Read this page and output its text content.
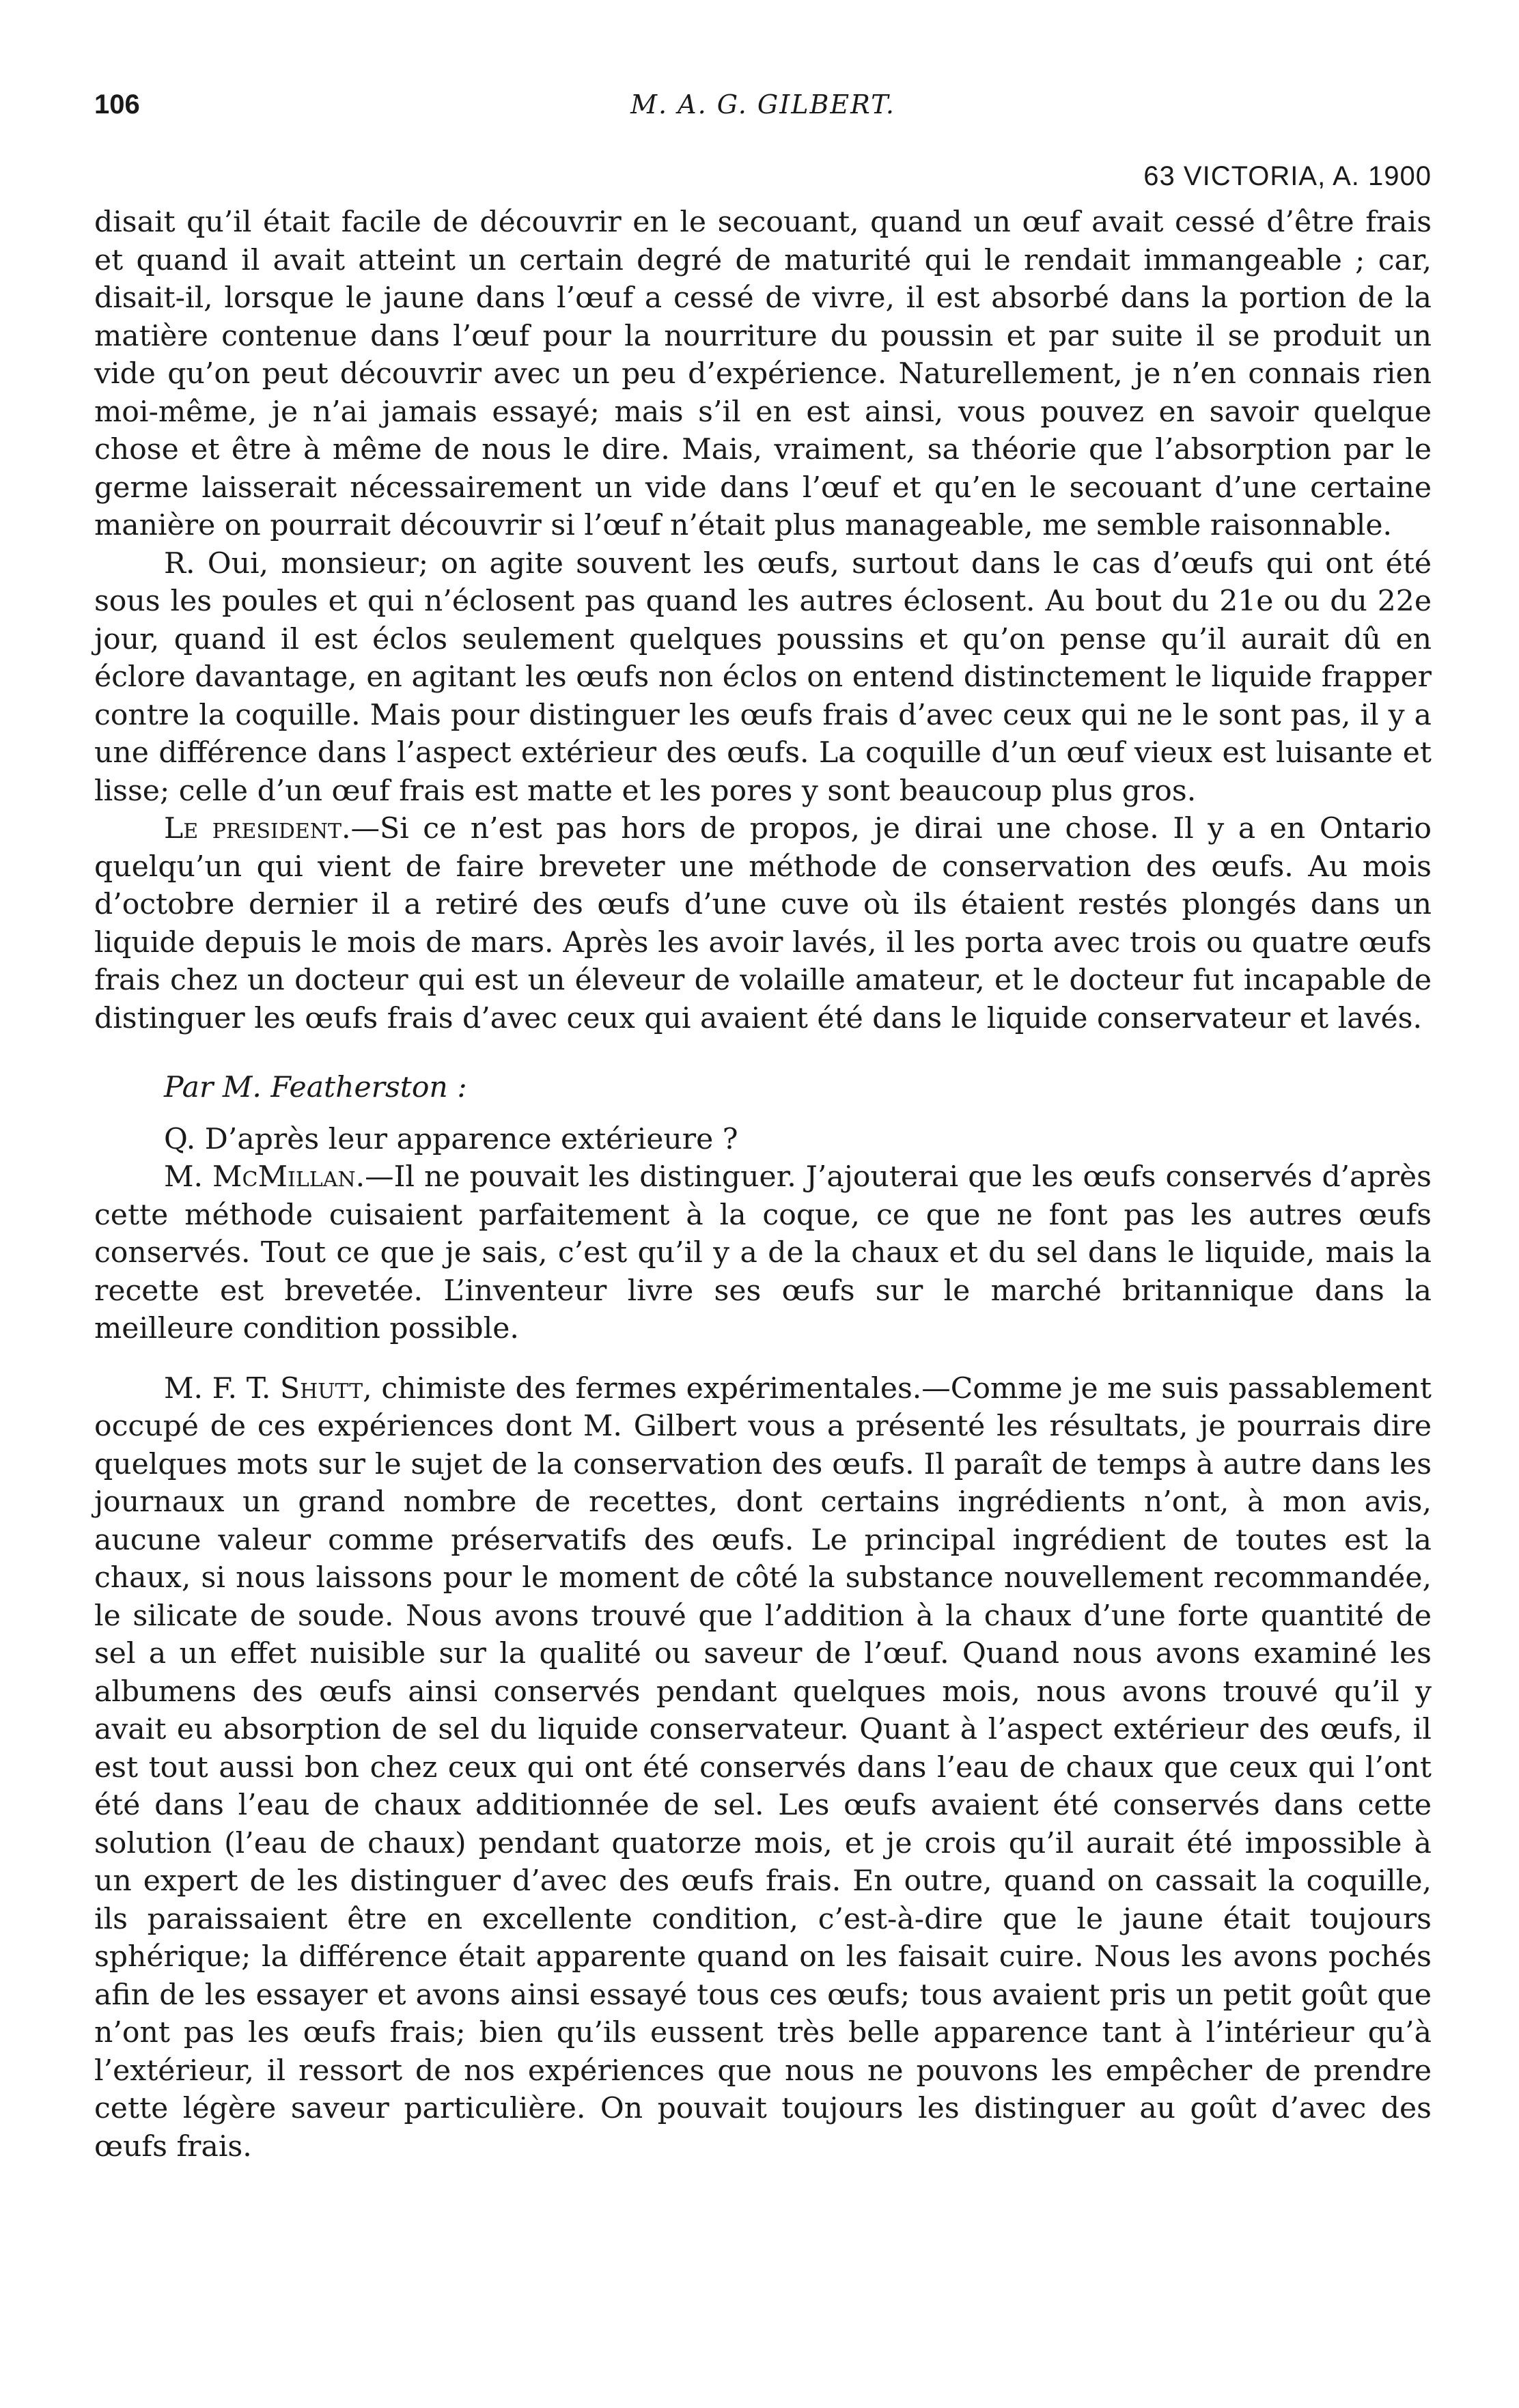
106	M. A. G. GILBERT.
63 VICTORIA, A. 1900

disait qu’il était facile de découvrir en le secouant, quand un œuf avait cessé d’être frais et quand il avait atteint un certain degré de maturité qui le rendait immangeable ; car, disait-il, lorsque le jaune dans l’œuf a cessé de vivre, il est absorbé dans la portion de la matière contenue dans l’œuf pour la nourriture du poussin et par suite il se produit un vide qu’on peut découvrir avec un peu d’expérience. Naturellement, je n’en connais rien moi-même, je n’ai jamais essayé; mais s’il en est ainsi, vous pouvez en savoir quelque chose et être à même de nous le dire. Mais, vraiment, sa théorie que l’absorption par le germe laisserait nécessairement un vide dans l’œuf et qu’en le secouant d’une certaine manière on pourrait découvrir si l’œuf n’était plus manageable, me semble raisonnable.

R. Oui, monsieur; on agite souvent les œufs, surtout dans le cas d’œufs qui ont été sous les poules et qui n’éclosent pas quand les autres éclosent. Au bout du 21e ou du 22e jour, quand il est éclos seulement quelques poussins et qu’on pense qu’il aurait dû en éclore davantage, en agitant les œufs non éclos on entend distinctement le liquide frapper contre la coquille. Mais pour distinguer les œufs frais d’avec ceux qui ne le sont pas, il y a une différence dans l’aspect extérieur des œufs. La coquille d’un œuf vieux est luisante et lisse; celle d’un œuf frais est matte et les pores y sont beaucoup plus gros.

Le president.—Si ce n’est pas hors de propos, je dirai une chose. Il y a en Ontario quelqu’un qui vient de faire breveter une méthode de conservation des œufs. Au mois d’octobre dernier il a retiré des œufs d’une cuve où ils étaient restés plongés dans un liquide depuis le mois de mars. Après les avoir lavés, il les porta avec trois ou quatre œufs frais chez un docteur qui est un éleveur de volaille amateur, et le docteur fut incapable de distinguer les œufs frais d’avec ceux qui avaient été dans le liquide conservateur et lavés.

Par M. Featherston :

Q. D’après leur apparence extérieure ?

M. McMillan.—Il ne pouvait les distinguer. J’ajouterai que les œufs conservés d’après cette méthode cuisaient parfaitement à la coque, ce que ne font pas les autres œufs conservés. Tout ce que je sais, c’est qu’il y a de la chaux et du sel dans le liquide, mais la recette est brevetée. L’inventeur livre ses œufs sur le marché britannique dans la meilleure condition possible.

M. F. T. Shutt, chimiste des fermes expérimentales.—Comme je me suis passablement occupé de ces expériences dont M. Gilbert vous a présenté les résultats, je pourrais dire quelques mots sur le sujet de la conservation des œufs. Il paraît de temps à autre dans les journaux un grand nombre de recettes, dont certains ingrédients n’ont, à mon avis, aucune valeur comme préservatifs des œufs. Le principal ingrédient de toutes est la chaux, si nous laissons pour le moment de côté la substance nouvellement recommandée, le silicate de soude. Nous avons trouvé que l’addition à la chaux d’une forte quantité de sel a un effet nuisible sur la qualité ou saveur de l’œuf. Quand nous avons examiné les albumens des œufs ainsi conservés pendant quelques mois, nous avons trouvé qu’il y avait eu absorption de sel du liquide conservateur. Quant à l’aspect extérieur des œufs, il est tout aussi bon chez ceux qui ont été conservés dans l’eau de chaux que ceux qui l’ont été dans l’eau de chaux additionnée de sel. Les œufs avaient été conservés dans cette solution (l’eau de chaux) pendant quatorze mois, et je crois qu’il aurait été impossible à un expert de les distinguer d’avec des œufs frais. En outre, quand on cassait la coquille, ils paraissaient être en excellente condition, c’est-à-dire que le jaune était toujours sphérique; la différence était apparente quand on les faisait cuire. Nous les avons pochés afin de les essayer et avons ainsi essayé tous ces œufs; tous avaient pris un petit goût que n’ont pas les œufs frais; bien qu’ils eussent très belle apparence tant à l’intérieur qu’à l’extérieur, il ressort de nos expériences que nous ne pouvons les empêcher de prendre cette légère saveur particulière. On pouvait toujours les distinguer au goût d’avec des œufs frais.
